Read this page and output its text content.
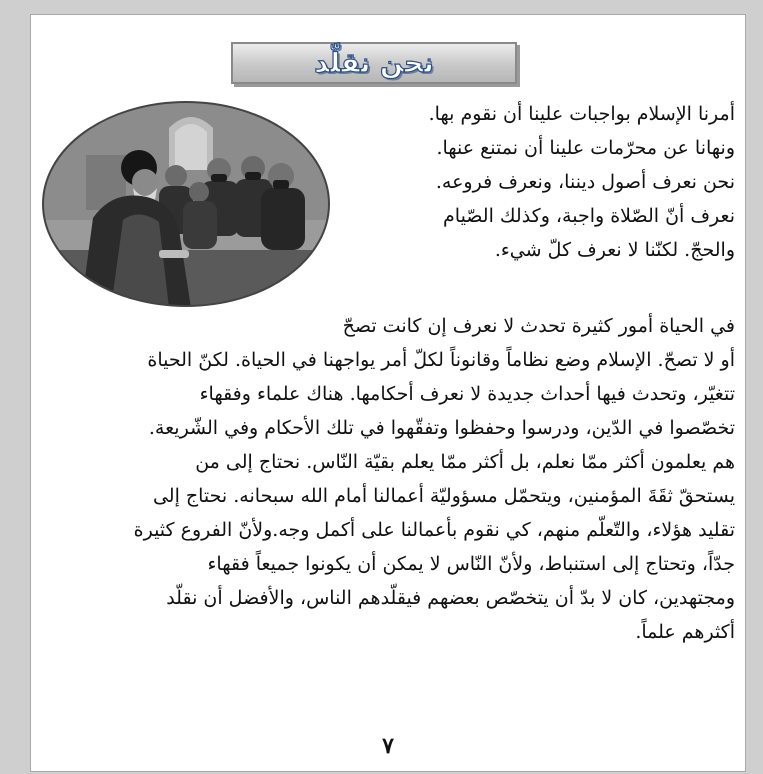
نحن نقلّد
أمرنا الإسلام بواجبات علينا أن نقوم بها.
ونهانا عن محرّمات علينا أن نمتنع عنها.
نحن نعرف أصول ديننا، ونعرف فروعه.
نعرف أنّ الصّلاة واجبة، وكذلك الصّيام
والحجّ. لكنّنا لا نعرف كلّ شيء.
في الحياة أمور كثيرة تحدث لا نعرف إن كانت تصحّ
أو لا تصحّ. الإسلام وضع نظاماً وقانوناً لكلّ أمر يواجهنا في الحياة. لكنّ الحياة
تتغيّر، وتحدث فيها أحداث جديدة لا نعرف أحكامها. هناك علماء وفقهاء
تخصّصوا في الدّين، ودرسوا وحفظوا وتفقّهوا في تلك الأحكام وفي الشّريعة.
هم يعلمون أكثر ممّا نعلم، بل أكثر ممّا يعلم بقيّة النّاس. نحتاج إلى من
يستحقّ ثقَةَ المؤمنين، ويتحمّل مسؤوليّة أعمالنا أمام الله سبحانه. نحتاج إلى
تقليد هؤلاء، والتّعلّم منهم، كي نقوم بأعمالنا على أكمل وجه.ولأنّ الفروع كثيرة
جدّاً، وتحتاج إلى استنباط، ولأنّ النّاس لا يمكن أن يكونوا جميعاً فقهاء
ومجتهدين، كان لا بدّ أن يتخصّص بعضهم فيقلّدهم الناس، والأفضل أن نقلّد
أكثرهم علماً.
٧
